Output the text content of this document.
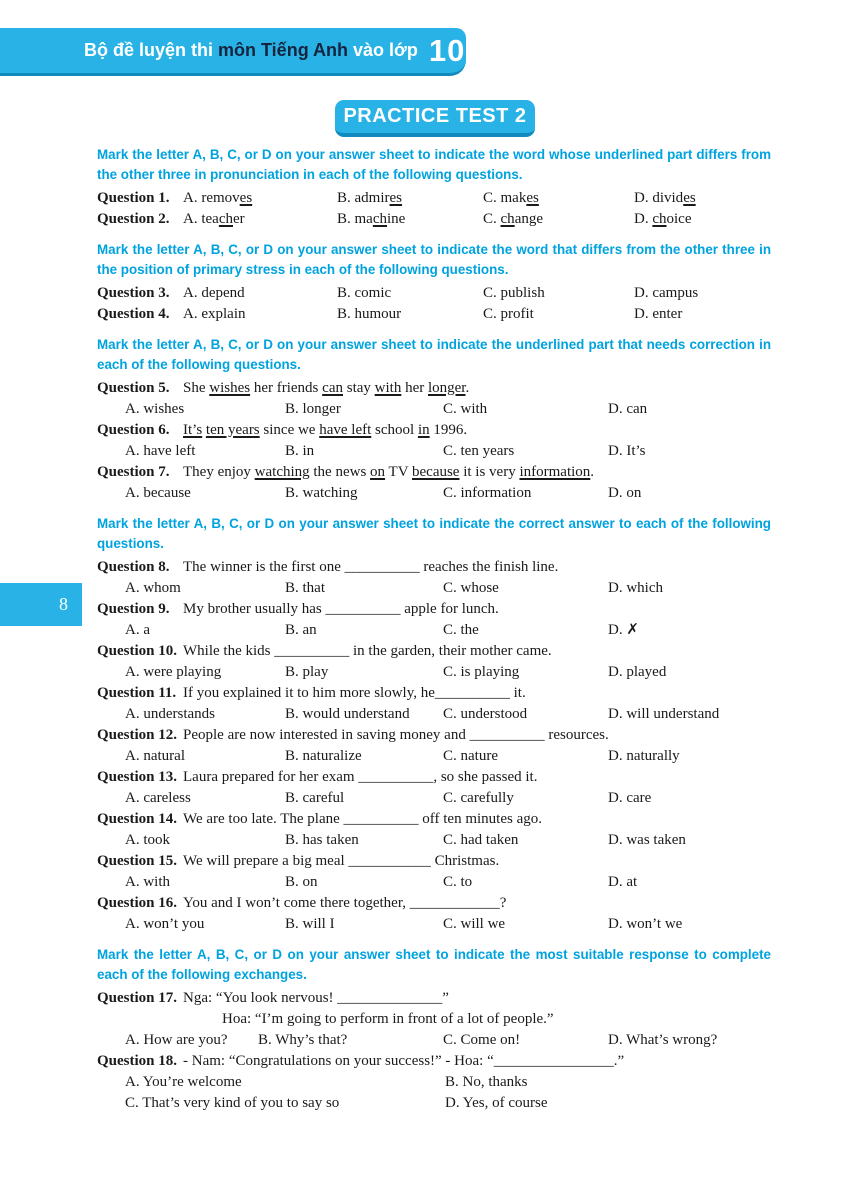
Bộ đề luyện thi môn Tiếng Anh vào lớp 10
PRACTICE TEST 2
8

Mark the letter A, B, C, or D on your answer sheet to indicate the word whose underlined part differs from the other three in pronunciation in each of the following questions.

Question 1. A. removes	B. admires	C. makes	D. divides
Question 2. A. teacher	B. machine	C. change	D. choice

Mark the letter A, B, C, or D on your answer sheet to indicate the word that differs from the other three in the position of primary stress in each of the following questions.

Question 3. A. depend	B. comic	C. publish	D. campus
Question 4. A. explain	B. humour	C. profit	D. enter

Mark the letter A, B, C, or D on your answer sheet to indicate the underlined part that needs correction in each of the following questions.

Question 5. She wishes her friends can stay with her longer.
A. wishes	B. longer	C. with	D. can
Question 6. It’s ten years since we have left school in 1996.
A. have left	B. in	C. ten years	D. It’s
Question 7. They enjoy watching the news on TV because it is very information.
A. because	B. watching	C. information	D. on

Mark the letter A, B, C, or D on your answer sheet to indicate the correct answer to each of the following questions.

Question 8. The winner is the first one __________ reaches the finish line.
A. whom	B. that	C. whose	D. which
Question 9. My brother usually has __________ apple for lunch.
A. a	B. an	C. the	D. ✗
Question 10. While the kids __________ in the garden, their mother came.
A. were playing	B. play	C. is playing	D. played
Question 11. If you explained it to him more slowly, he__________ it.
A. understands	B. would understand	C. understood	D. will understand
Question 12. People are now interested in saving money and __________ resources.
A. natural	B. naturalize	C. nature	D. naturally
Question 13. Laura prepared for her exam __________, so she passed it.
A. careless	B. careful	C. carefully	D. care
Question 14. We are too late. The plane __________ off ten minutes ago.
A. took	B. has taken	C. had taken	D. was taken
Question 15. We will prepare a big meal ___________ Christmas.
A. with	B. on	C. to	D. at
Question 16. You and I won’t come there together, ____________?
A. won’t you	B. will I	C. will we	D. won’t we

Mark the letter A, B, C, or D on your answer sheet to indicate the most suitable response to complete each of the following exchanges.

Question 17. Nga: “You look nervous! ______________”
Hoa: “I’m going to perform in front of a lot of people.”
A. How are you?	B. Why’s that?	C. Come on!	D. What’s wrong?
Question 18. - Nam: “Congratulations on your success!” - Hoa: “________________.”
A. You’re welcome	B. No, thanks
C. That’s very kind of you to say so	D. Yes, of course
